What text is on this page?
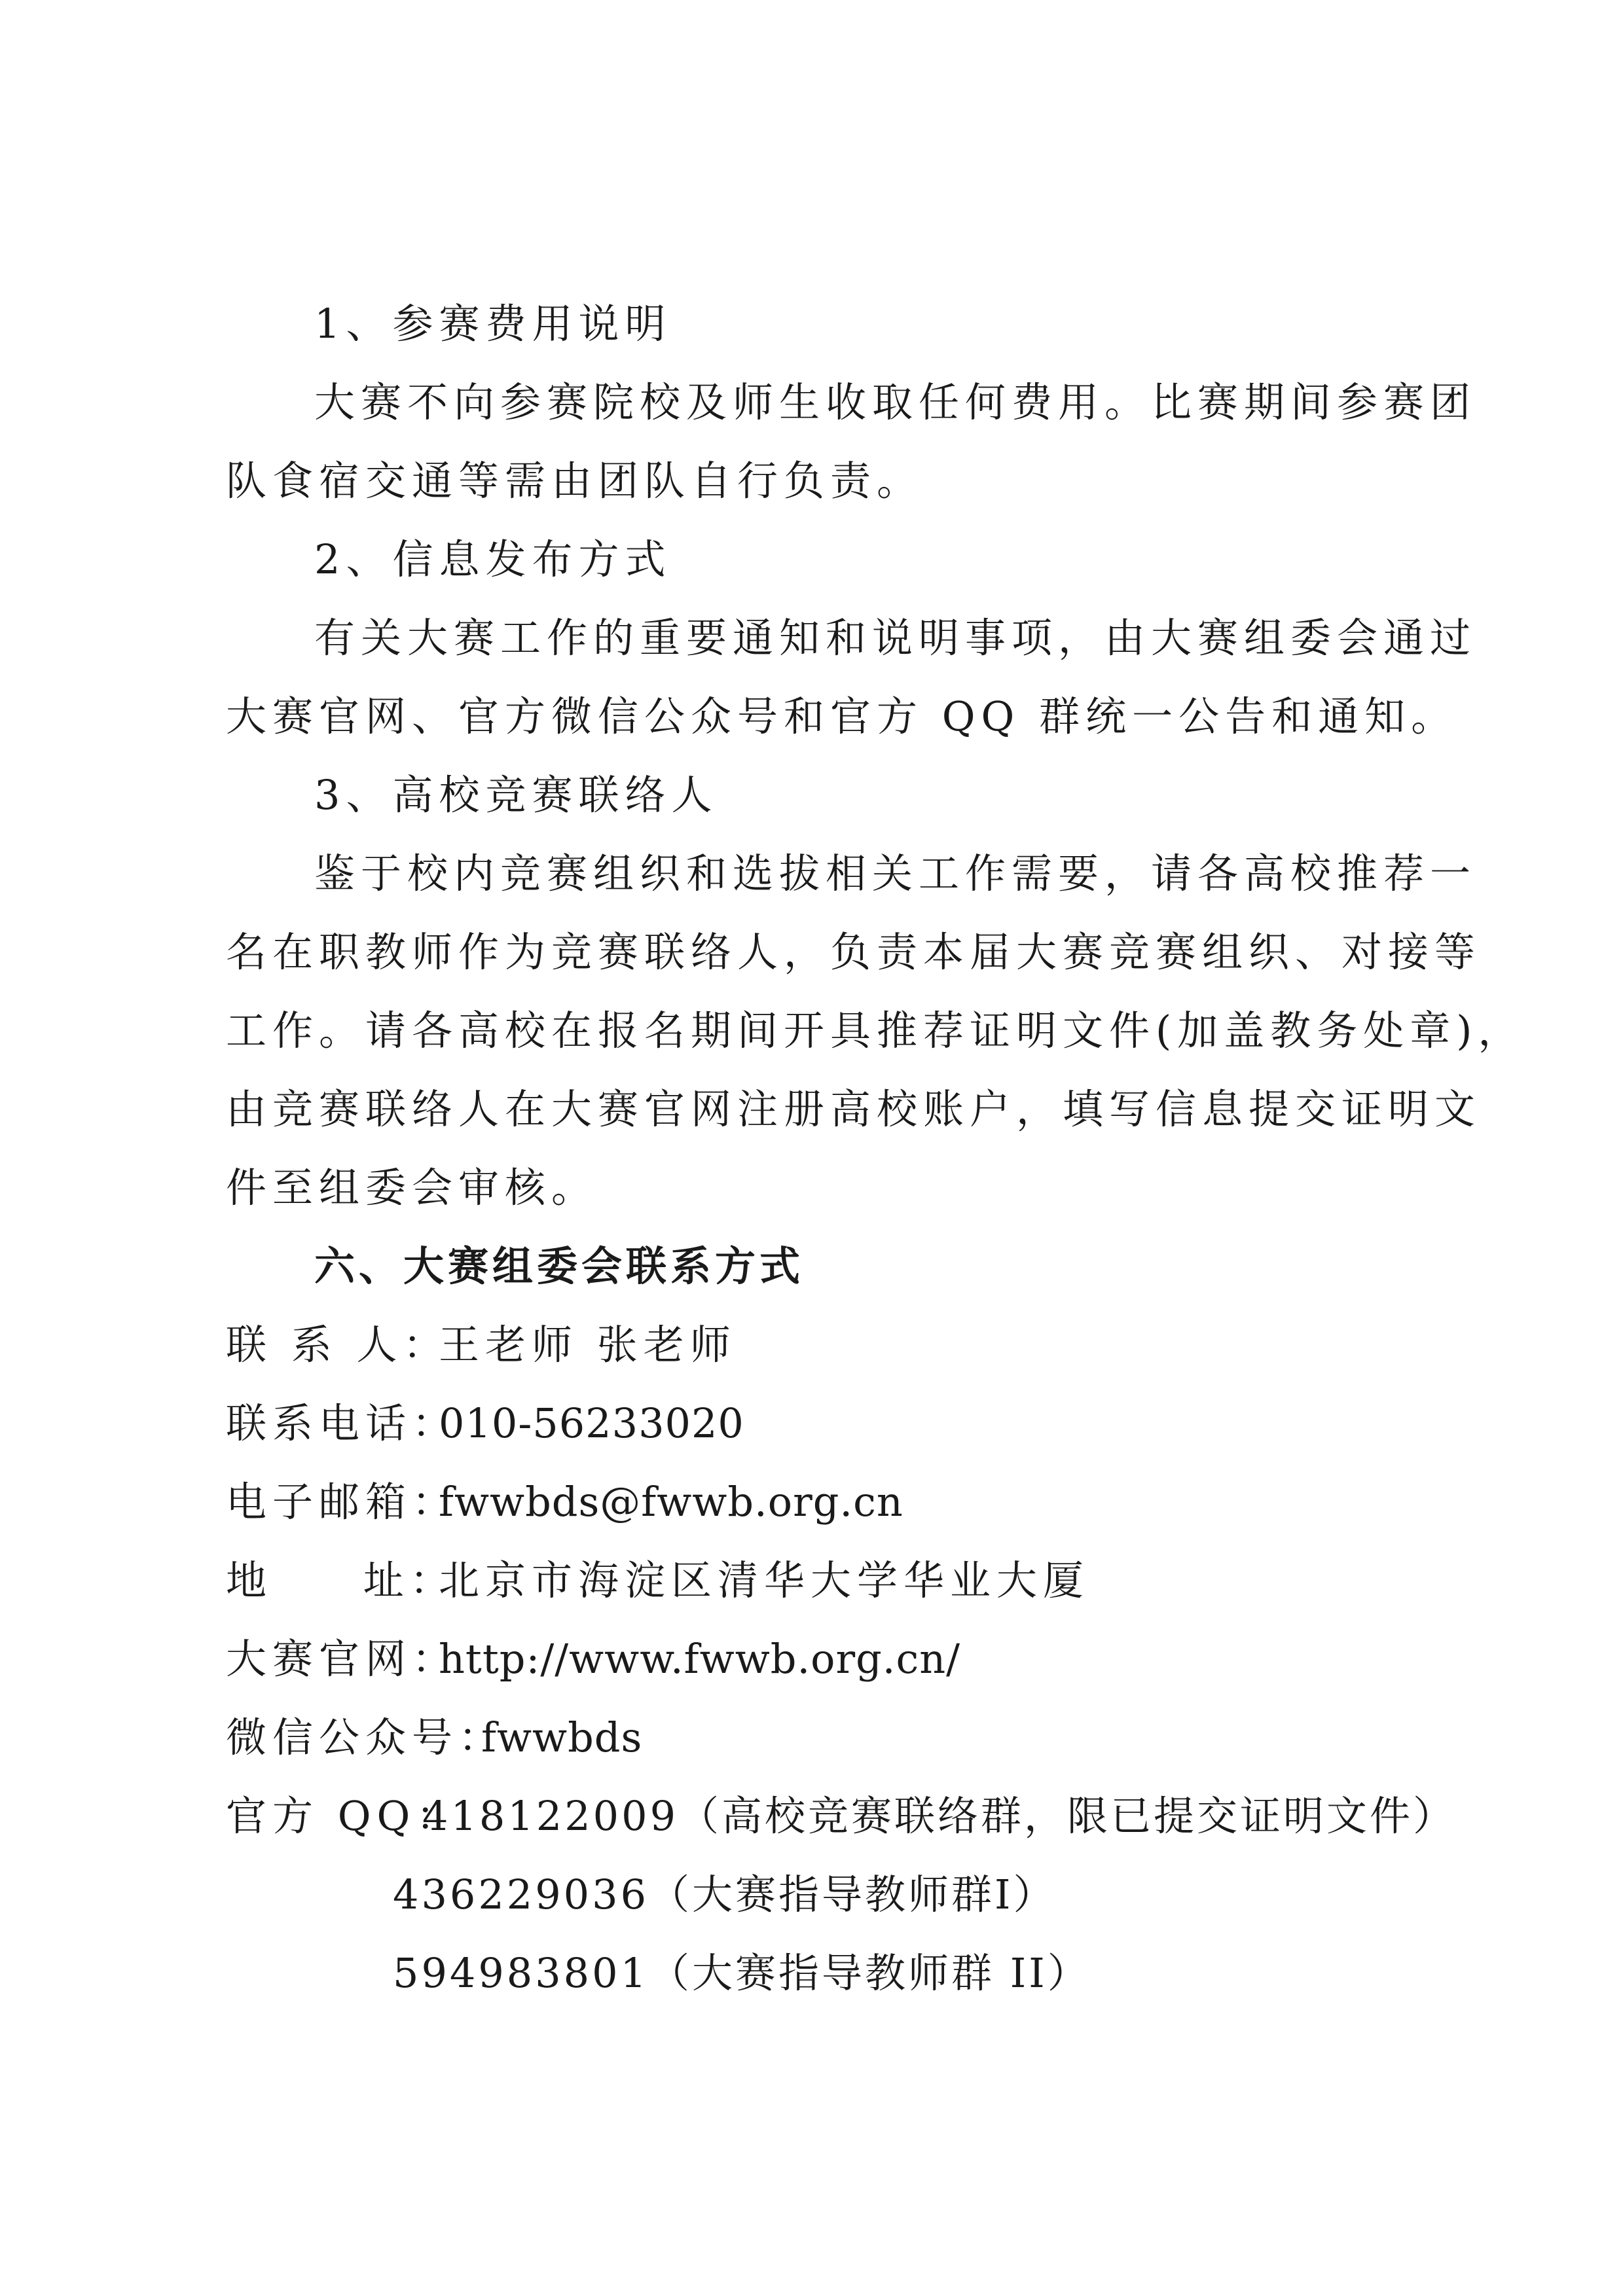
1、参赛费用说明
大赛不向参赛院校及师生收取任何费用。比赛期间参赛团
队食宿交通等需由团队自行负责。
2、信息发布方式
有关大赛工作的重要通知和说明事项，由大赛组委会通过
大赛官网、官方微信公众号和官方 QQ 群统一公告和通知。
3、高校竞赛联络人
鉴于校内竞赛组织和选拔相关工作需要，请各高校推荐一
名在职教师作为竞赛联络人，负责本届大赛竞赛组织、对接等
工作。请各高校在报名期间开具推荐证明文件(加盖教务处章)，
由竞赛联络人在大赛官网注册高校账户，填写信息提交证明文
件至组委会审核。
六、大赛组委会联系方式
联 系 人：王老师 张老师
联系电话：010-56233020
电子邮箱：fwwbds@fwwb.org.cn
地 址：北京市海淀区清华大学华业大厦
大赛官网：http://www.fwwb.org.cn/
微信公众号：fwwbds
官方 QQ：418122009（高校竞赛联络群，限已提交证明文件）
436229036（大赛指导教师群I）
594983801（大赛指导教师群 II）
